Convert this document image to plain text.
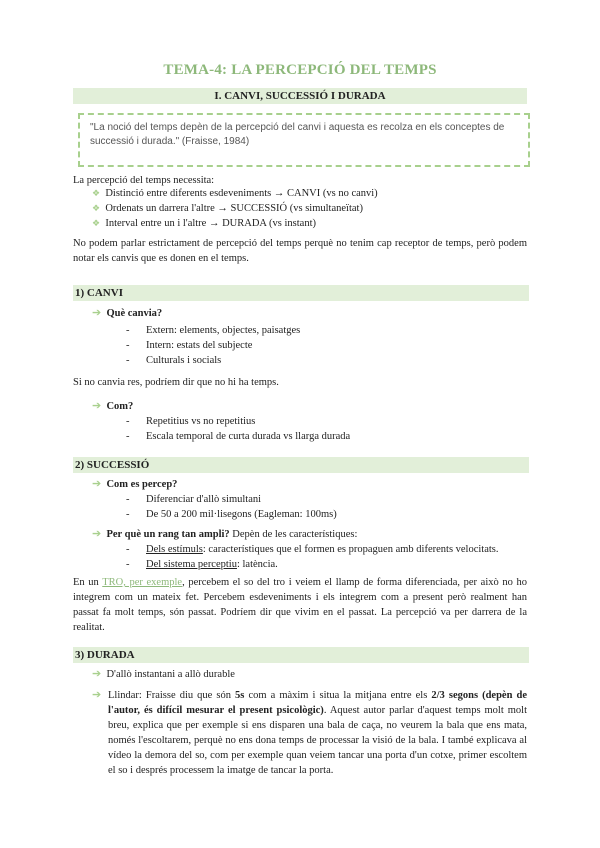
TEMA-4: LA PERCEPCIÓ DEL TEMPS
I. CANVI, SUCCESSIÓ I DURADA
"La noció del temps depèn de la percepció del canvi i aquesta es recolza en els conceptes de successió i durada." (Fraisse, 1984)
La percepció del temps necessita:
❖ Distinció entre diferents esdeveniments → CANVI (vs no canvi)
❖ Ordenats un darrera l'altre → SUCCESSIÓ (vs simultaneïtat)
❖ Interval entre un i l'altre → DURADA (vs instant)
No podem parlar estrictament de percepció del temps perquè no tenim cap receptor de temps, però podem notar els canvis que es donen en el temps.
1) CANVI
➔ Què canvia?
- Extern: elements, objectes, paisatges
- Intern: estats del subjecte
- Culturals i socials
Si no canvia res, podríem dir que no hi ha temps.
➔ Com?
- Repetitius vs no repetitius
- Escala temporal de curta durada vs llarga durada
2) SUCCESSIÓ
➔ Com es percep?
- Diferenciar d'allò simultani
- De 50 a 200 mil·lisegons (Eagleman: 100ms)
➔ Per què un rang tan ampli? Depèn de les característiques:
- Dels estímuls: característiques que el formen es propaguen amb diferents velocitats.
- Del sistema perceptiu: latència.
En un TRO, per exemple, percebem el so del tro i veiem el llamp de forma diferenciada, per això no ho integrem com un mateix fet. Percebem esdeveniments i els integrem com a present però realment han passat fa molt temps, són passat. Podríem dir que vivim en el passat. La percepció va per darrera de la realitat.
3) DURADA
➔ D'allò instantani a allò durable
➔ Llindar: Fraisse diu que són 5s com a màxim i situa la mitjana entre els 2/3 segons (depèn de l'autor, és difícil mesurar el present psicològic). Aquest autor parlar d'aquest temps molt molt breu, explica que per exemple si ens disparen una bala de caça, no veurem la bala que ens mata, només l'escoltarem, perquè no ens dona temps de processar la visió de la bala. I també explicava al vídeo la demora del so, com per exemple quan veiem tancar una porta d'un cotxe, primer escoltem el so i després processem la imatge de tancar la porta.
